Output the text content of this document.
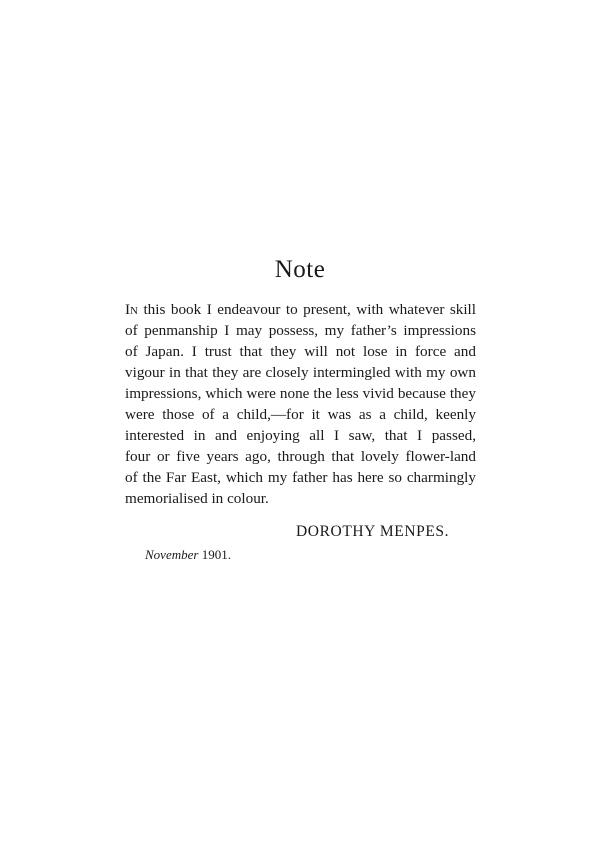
Note
In this book I endeavour to present, with whatever skill
of penmanship I may possess, my father’s impressions
of Japan. I trust that they will not lose in force and
vigour in that they are closely intermingled with my own
impressions, which were none the less vivid because they
were those of a child,—for it was as a child, keenly
interested in and enjoying all I saw, that I passed,
four or five years ago, through that lovely flower-land
of the Far East, which my father has here so charmingly
memorialised in colour.
DOROTHY MENPES.
November 1901.
